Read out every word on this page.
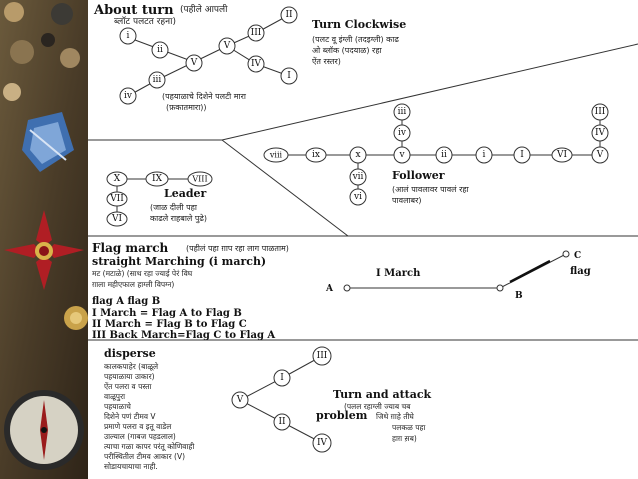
About turn (पहीले आपली
ब्लॉट पलटत रहना)	Turn Clockwise
(पलट वू इंग्ली (तदइग्ली) काढ
ओ ब्लॉक (पदयाळ) रहा
ऐंत रस्तर)
(पहयाळाचे दिशेने पलटी मारा
(फ़कातमारा))
i
ii
iii
iv
V
V
IV
I
II
III
X	IX	VIII
VII
VI
Leader
(जाळ दीली पहा
काढले राहबाले पुढे)
viii	ix	x	v	ii	i	I	VI	V
iii
iv
vii
vi
III
IV
Follower
(आलं पावलावर पावलं रहा
पावलाबर)
Flag march (पहीलं पहा ग़ाप रहा लाग पाळताम)
straight Marching (i march)
मट (मटाळे) (साथ रहा ज्याई पेरं विघ
ग़ाला महीएफाल हाग्ली विपग्न)
I March
A
B
C
flag
flag A flag B
I March = Flag A to Flag B
II March = Flag B to Flag C
III Back March=Flag C to Flag A
disperse
कालकपाहेर (बाळूले
पहयाळाया उाकार)
ऐंत पलरा व पस्ता
वाळूपुरा
पहयाळाचे
दिशेने पणं टीमव V
प्रमाणे पलरा व इतू वाडेल
उाल्याल (गाबज पहडलाल)
त्याचा गळा कापर परंतू कोणिवाही
परीस्थितील टीमव आकार (V)
सोडायचायाचा नाही.
III
I
V
II
IV
Turn and attack
(पलल रहाग्ली ज्याब चब
problem जिथे ग़ाहे तीघे
पलकळ पहा
हाग़ स़ब)
